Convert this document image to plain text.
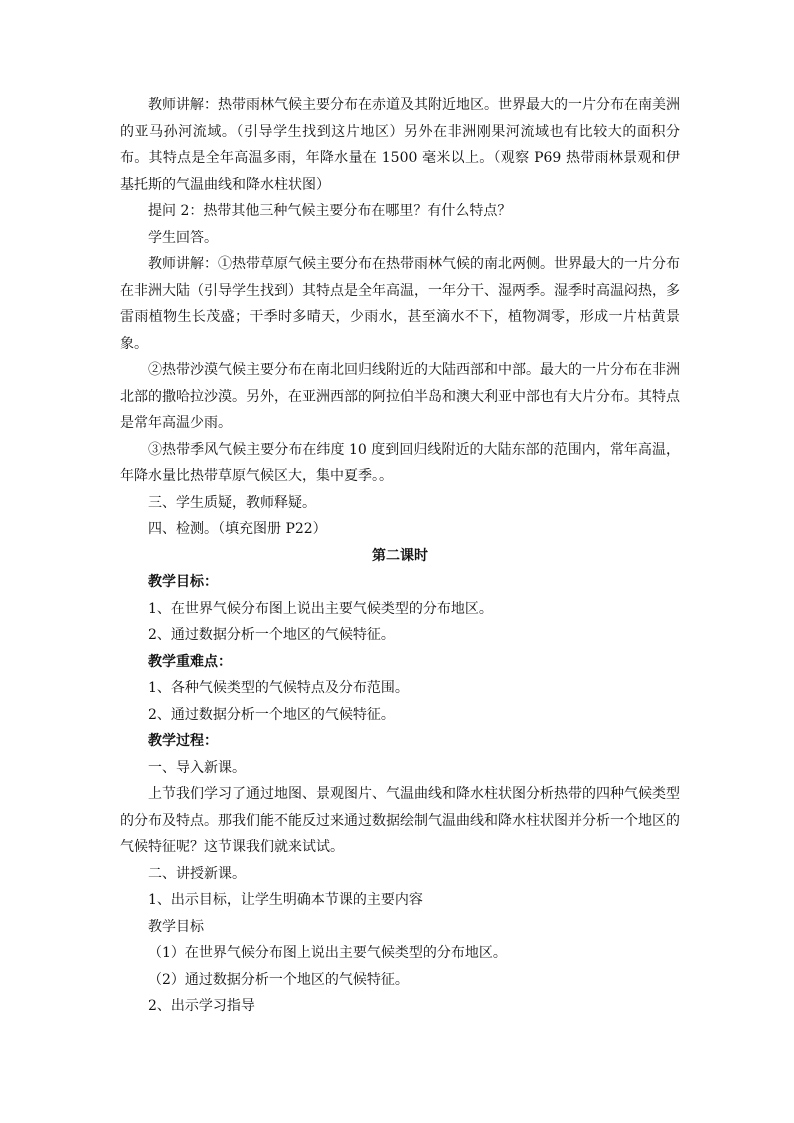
教师讲解：热带雨林气候主要分布在赤道及其附近地区。世界最大的一片分布在南美洲的亚马孙河流域。（引导学生找到这片地区）另外在非洲刚果河流域也有比较大的面积分布。其特点是全年高温多雨，年降水量在 1500 毫米以上。（观察 P69 热带雨林景观和伊基托斯的气温曲线和降水柱状图）

提问 2：热带其他三种气候主要分布在哪里？有什么特点？

学生回答。

教师讲解：①热带草原气候主要分布在热带雨林气候的南北两侧。世界最大的一片分布在非洲大陆（引导学生找到）其特点是全年高温，一年分干、湿两季。湿季时高温闷热，多雷雨植物生长茂盛；干季时多晴天，少雨水，甚至滴水不下，植物凋零，形成一片枯黄景象。

②热带沙漠气候主要分布在南北回归线附近的大陆西部和中部。最大的一片分布在非洲北部的撒哈拉沙漠。另外，在亚洲西部的阿拉伯半岛和澳大利亚中部也有大片分布。其特点是常年高温少雨。

③热带季风气候主要分布在纬度 10 度到回归线附近的大陆东部的范围内，常年高温，年降水量比热带草原气候区大，集中夏季。。

三、学生质疑，教师释疑。

四、检测。（填充图册 P22）

第二课时

教学目标：

1、在世界气候分布图上说出主要气候类型的分布地区。

2、通过数据分析一个地区的气候特征。

教学重难点：

1、各种气候类型的气候特点及分布范围。

2、通过数据分析一个地区的气候特征。

教学过程：

一、导入新课。

上节我们学习了通过地图、景观图片、气温曲线和降水柱状图分析热带的四种气候类型的分布及特点。那我们能不能反过来通过数据绘制气温曲线和降水柱状图并分析一个地区的气候特征呢？这节课我们就来试试。

二、讲授新课。

1、出示目标，让学生明确本节课的主要内容

教学目标

（1）在世界气候分布图上说出主要气候类型的分布地区。

（2）通过数据分析一个地区的气候特征。

2、出示学习指导
